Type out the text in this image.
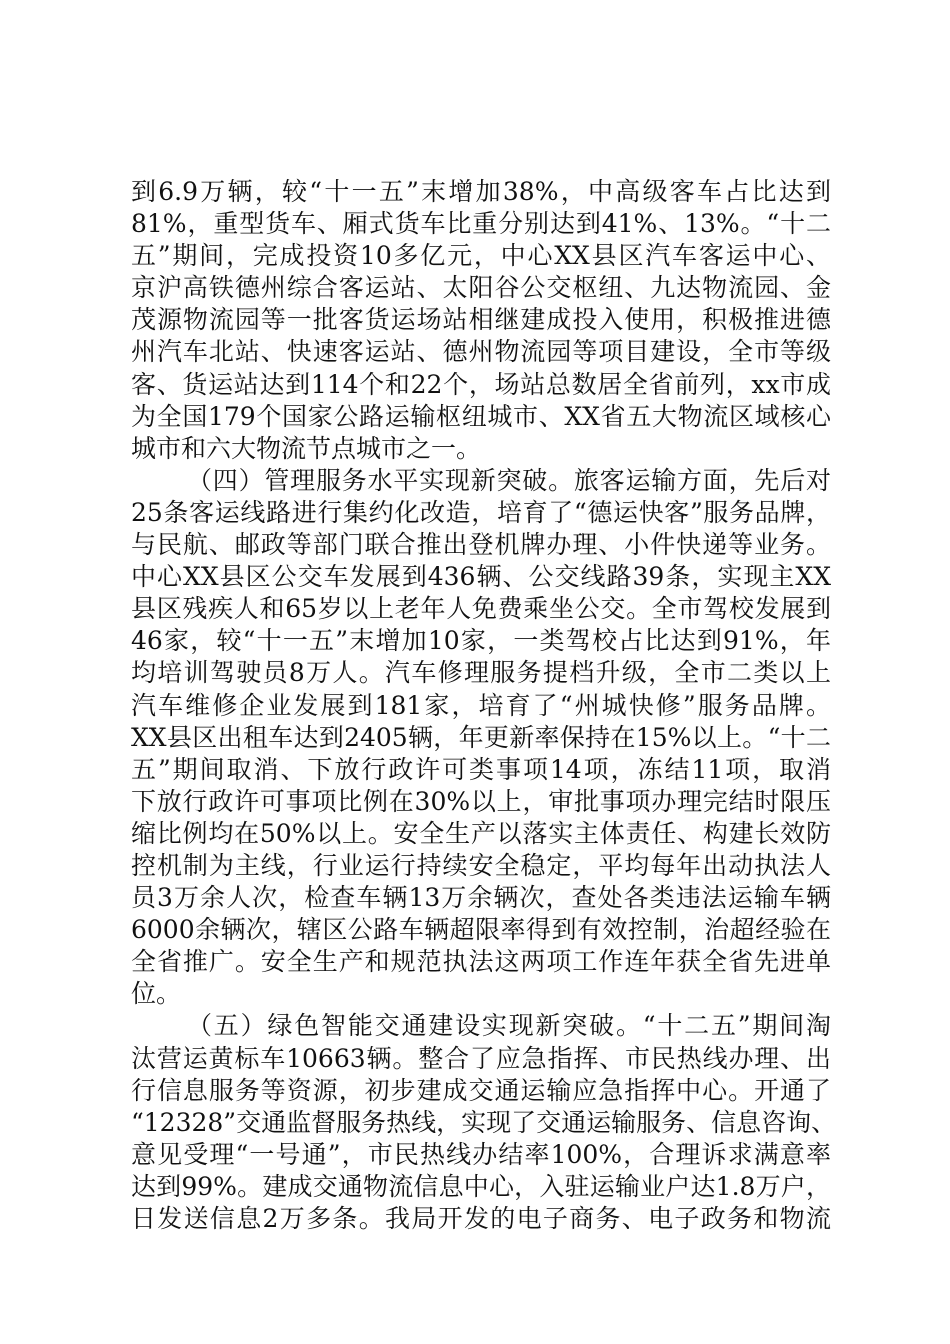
到6.9万辆，较“十一五”末增加38%，中高级客车占比达到
81%，重型货车、厢式货车比重分别达到41%、13%。“十二
五”期间，完成投资10多亿元，中心XX县区汽车客运中心、
京沪高铁德州综合客运站、太阳谷公交枢纽、九达物流园、金
茂源物流园等一批客货运场站相继建成投入使用，积极推进德
州汽车北站、快速客运站、德州物流园等项目建设，全市等级
客、货运站达到114个和22个，场站总数居全省前列，xx市成
为全国179个国家公路运输枢纽城市、XX省五大物流区域核心
城市和六大物流节点城市之一。
（四）管理服务水平实现新突破。旅客运输方面，先后对
25条客运线路进行集约化改造，培育了“德运快客”服务品牌，
与民航、邮政等部门联合推出登机牌办理、小件快递等业务。
中心XX县区公交车发展到436辆、公交线路39条，实现主XX
县区残疾人和65岁以上老年人免费乘坐公交。全市驾校发展到
46家，较“十一五”末增加10家，一类驾校占比达到91%，年
均培训驾驶员8万人。汽车修理服务提档升级，全市二类以上
汽车维修企业发展到181家，培育了“州城快修”服务品牌。
XX县区出租车达到2405辆，年更新率保持在15%以上。“十二
五”期间取消、下放行政许可类事项14项，冻结11项，取消
下放行政许可事项比例在30%以上，审批事项办理完结时限压
缩比例均在50%以上。安全生产以落实主体责任、构建长效防
控机制为主线，行业运行持续安全稳定，平均每年出动执法人
员3万余人次，检查车辆13万余辆次，查处各类违法运输车辆
6000余辆次，辖区公路车辆超限率得到有效控制，治超经验在
全省推广。安全生产和规范执法这两项工作连年获全省先进单
位。
（五）绿色智能交通建设实现新突破。“十二五”期间淘
汰营运黄标车10663辆。整合了应急指挥、市民热线办理、出
行信息服务等资源，初步建成交通运输应急指挥中心。开通了
“12328”交通监督服务热线，实现了交通运输服务、信息咨询、
意见受理“一号通”，市民热线办结率100%，合理诉求满意率
达到99%。建成交通物流信息中心，入驻运输业户达1.8万户，
日发送信息2万多条。我局开发的电子商务、电子政务和物流
